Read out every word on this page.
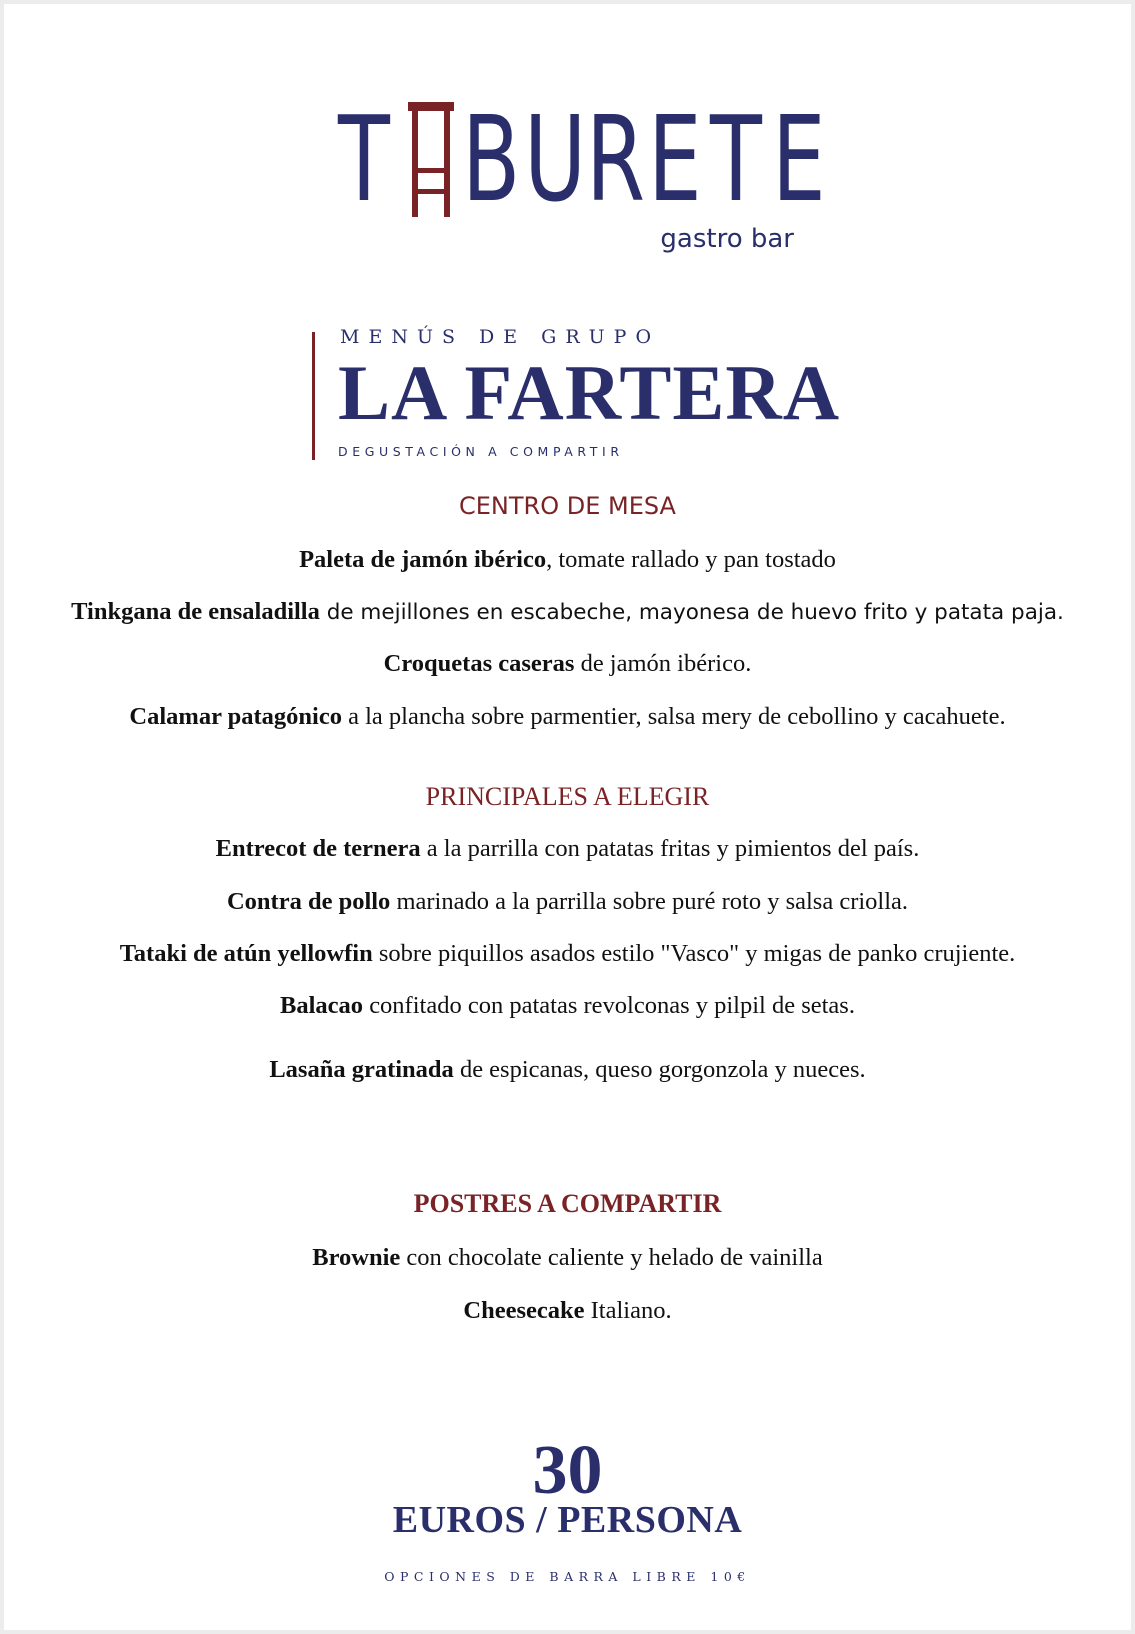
T B U R E T E
gastro bar
MENÚS DE GRUPO
LA FARTERA
DEGUSTACIÓN A COMPARTIR
CENTRO DE MESA
Paleta de jamón ibérico, tomate rallado y pan tostado
Tinkgana de ensaladilla de mejillones en escabeche, mayonesa de huevo frito y patata paja.
Croquetas caseras de jamón ibérico.
Calamar patagónico a la plancha sobre parmentier, salsa mery de cebollino y cacahuete.
PRINCIPALES A ELEGIR
Entrecot de ternera a la parrilla con patatas fritas y pimientos del país.
Contra de pollo marinado a la parrilla sobre puré roto y salsa criolla.
Tataki de atún yellowfin sobre piquillos asados estilo "Vasco" y migas de panko crujiente.
Balacao confitado con patatas revolconas y pilpil de setas.
Lasaña gratinada de espicanas, queso gorgonzola y nueces.
POSTRES A COMPARTIR
Brownie con chocolate caliente y helado de vainilla
Cheesecake Italiano.
30
EUROS / PERSONA
OPCIONES DE BARRA LIBRE 10€
